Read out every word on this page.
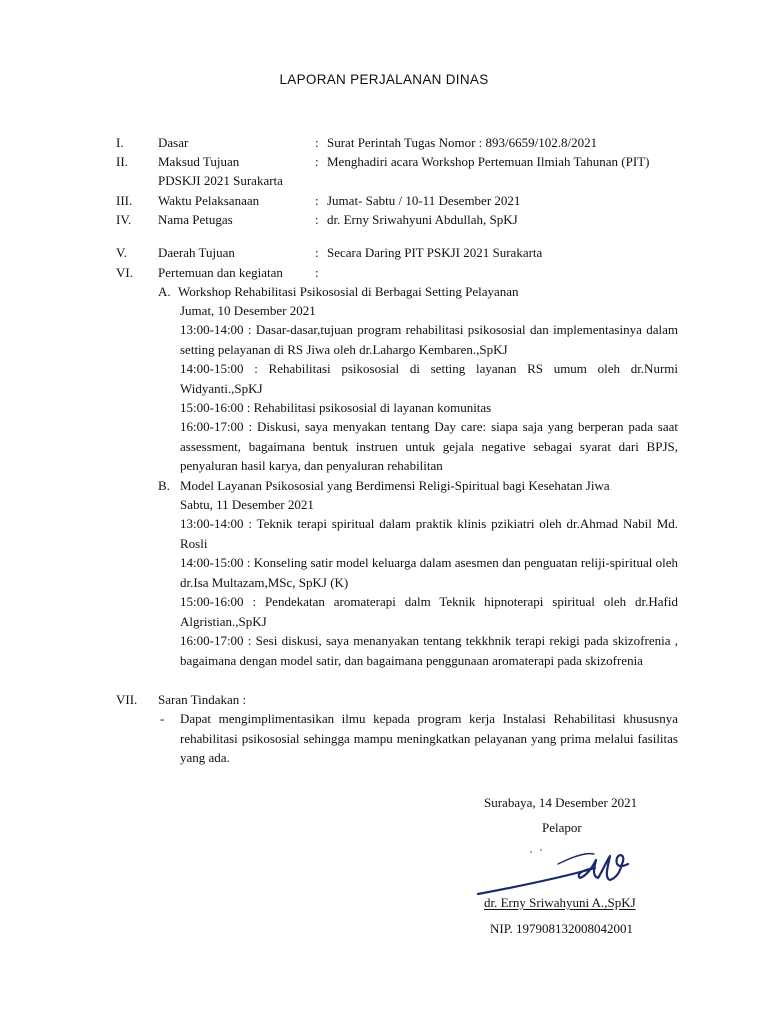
LAPORAN PERJALANAN DINAS
I.	Dasar	: Surat Perintah Tugas Nomor : 893/6659/102.8/2021
II. Maksud Tujuan	: Menghadiri acara Workshop Pertemuan Ilmiah Tahunan (PIT)
PDSKJI 2021 Surakarta
III. Waktu Pelaksanaan	: Jumat- Sabtu / 10-11 Desember 2021
IV. Nama Petugas	: dr. Erny Sriwahyuni Abdullah, SpKJ
V. Daerah Tujuan	: Secara Daring PIT PSKJI 2021 Surakarta
VI. Pertemuan dan kegiatan :
A. Workshop Rehabilitasi Psikososial di Berbagai Setting Pelayanan
Jumat, 10 Desember 2021
13:00-14:00 : Dasar-dasar,tujuan program rehabilitasi psikososial dan implementasinya dalam setting pelayanan di RS Jiwa oleh dr.Lahargo Kembaren.,SpKJ
14:00-15:00 : Rehabilitasi psikososial di setting layanan RS umum oleh dr.Nurmi Widyanti.,SpKJ
15:00-16:00 : Rehabilitasi psikososial di layanan komunitas
16:00-17:00 : Diskusi, saya menyakan tentang Day care: siapa saja yang berperan pada saat assessment, bagaimana bentuk instruen untuk gejala negative sebagai syarat dari BPJS, penyaluran hasil karya, dan penyaluran rehabilitan
B. Model Layanan Psikososial yang Berdimensi Religi-Spiritual bagi Kesehatan Jiwa
Sabtu, 11 Desember 2021
13:00-14:00 : Teknik terapi spiritual dalam praktik klinis pzikiatri oleh dr.Ahmad Nabil Md. Rosli
14:00-15:00 : Konseling satir model keluarga dalam asesmen dan penguatan reliji-spiritual oleh dr.Isa Multazam,MSc, SpKJ (K)
15:00-16:00 : Pendekatan aromaterapi dalm Teknik hipnoterapi spiritual oleh dr.Hafid Algristian.,SpKJ
16:00-17:00 : Sesi diskusi, saya menanyakan tentang tekkhnik terapi rekigi pada skizofrenia , bagaimana dengan model satir, dan bagaimana penggunaan aromaterapi pada skizofrenia
VII. Saran Tindakan :
- Dapat mengimplimentasikan ilmu kepada program kerja Instalasi Rehabilitasi khususnya rehabilitasi psikososial sehingga mampu meningkatkan pelayanan yang prima melalui fasilitas yang ada.
Surabaya, 14 Desember 2021
Pelapor
dr. Erny Sriwahyuni A.,SpKJ
NIP. 197908132008042001
